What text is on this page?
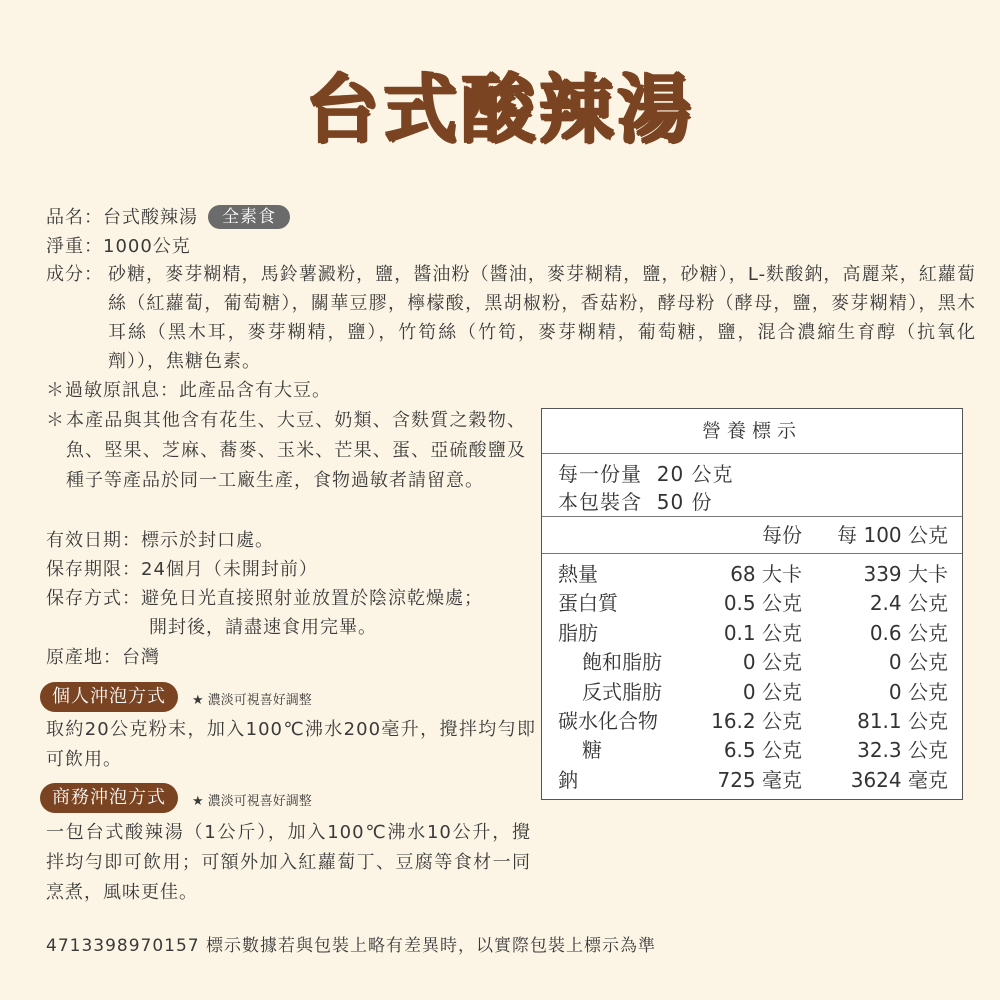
台式酸辣湯
品名：台式酸辣湯 全素食
淨重：1000公克
成分： 砂糖，麥芽糊精，馬鈴薯澱粉，鹽，醬油粉（醬油，麥芽糊精，鹽，砂糖），L-麩酸鈉，高麗菜，紅蘿蔔絲（紅蘿蔔，葡萄糖），關華豆膠，檸檬酸，黑胡椒粉，香菇粉，酵母粉（酵母，鹽，麥芽糊精），黑木耳絲（黑木耳，麥芽糊精，鹽），竹筍絲（竹筍，麥芽糊精，葡萄糖，鹽，混合濃縮生育醇（抗氧化劑）），焦糖色素。
＊過敏原訊息：此產品含有大豆。
＊ 本產品與其他含有花生、大豆、奶類、含麩質之穀物、魚、堅果、芝麻、蕎麥、玉米、芒果、蛋、亞硫酸鹽及種子等產品於同一工廠生產，食物過敏者請留意。
有效日期：標示於封口處。
保存期限：24個月（未開封前）
保存方式：避免日光直接照射並放置於陰涼乾燥處；
開封後，請盡速食用完畢。
原產地：台灣
個人沖泡方式	★ 濃淡可視喜好調整
取約20公克粉末，加入100℃沸水200毫升，攪拌均勻即可飲用。
商務沖泡方式	★ 濃淡可視喜好調整
一包台式酸辣湯（1公斤），加入100℃沸水10公升，攪拌均勻即可飲用；可額外加入紅蘿蔔丁、豆腐等食材一同烹煮，風味更佳。
4713398970157 標示數據若與包裝上略有差異時，以實際包裝上標示為準
營養標示
每一份量  20 公克
本包裝含  50 份
每份 每 100 公克
熱量	68 大卡	339 大卡
蛋白質	0.5 公克	2.4 公克
脂肪	0.1 公克	0.6 公克
飽和脂肪	0 公克	0 公克
反式脂肪	0 公克	0 公克
碳水化合物	16.2 公克	81.1 公克
糖	6.5 公克	32.3 公克
鈉	725 毫克 3624 毫克
